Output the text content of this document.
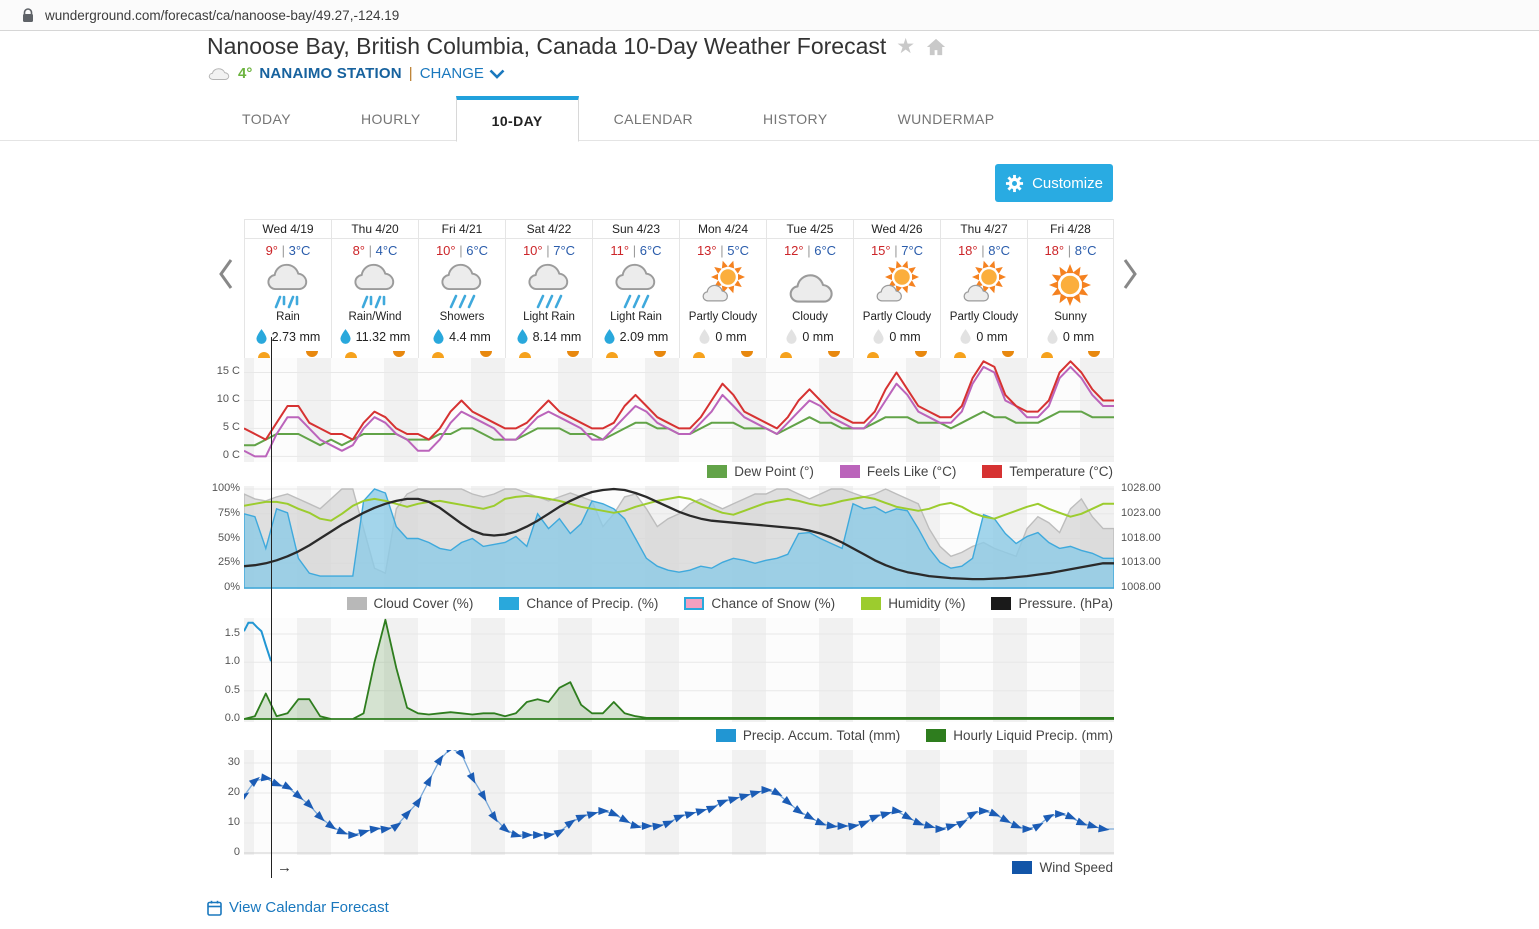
wunderground.com/forecast/ca/nanoose-bay/49.27,-124.19
Nanoose Bay, British Columbia, Canada 10-Day Weather Forecast ★
4° NANAIMO STATION | CHANGE
TODAY	HOURLY	10-DAY	CALENDAR	HISTORY	WUNDERMAP
Customize
Wed 4/19
9° | 3°C
Rain
2.73 mm
Thu 4/20
8° | 4°C
Rain/Wind
11.32 mm
Fri 4/21
10° | 6°C
Showers
4.4 mm
Sat 4/22
10° | 7°C
Light Rain
8.14 mm
Sun 4/23
11° | 6°C
Light Rain
2.09 mm
Mon 4/24
13° | 5°C
Partly Cloudy
0 mm
Tue 4/25
12° | 6°C
Cloudy
0 mm
Wed 4/26
15° | 7°C
Partly Cloudy
0 mm
Thu 4/27
18° | 8°C
Partly Cloudy
0 mm
Fri 4/28
18° | 8°C
Sunny
0 mm
15 C
10 C
5 C
0 C
Dew Point (°)	Feels Like (°C)	Temperature (°C)
100%
75%
50%
25%
0%
1028.00
1023.00
1018.00
1013.00
1008.00
Cloud Cover (%)	Chance of Precip. (%)	Chance of Snow (%)	Humidity (%)	Pressure. (hPa)
1.5
1.0
0.5
0.0
Precip. Accum. Total (mm)	Hourly Liquid Precip. (mm)
30
20
10
0
Wind Speed
→
View Calendar Forecast
